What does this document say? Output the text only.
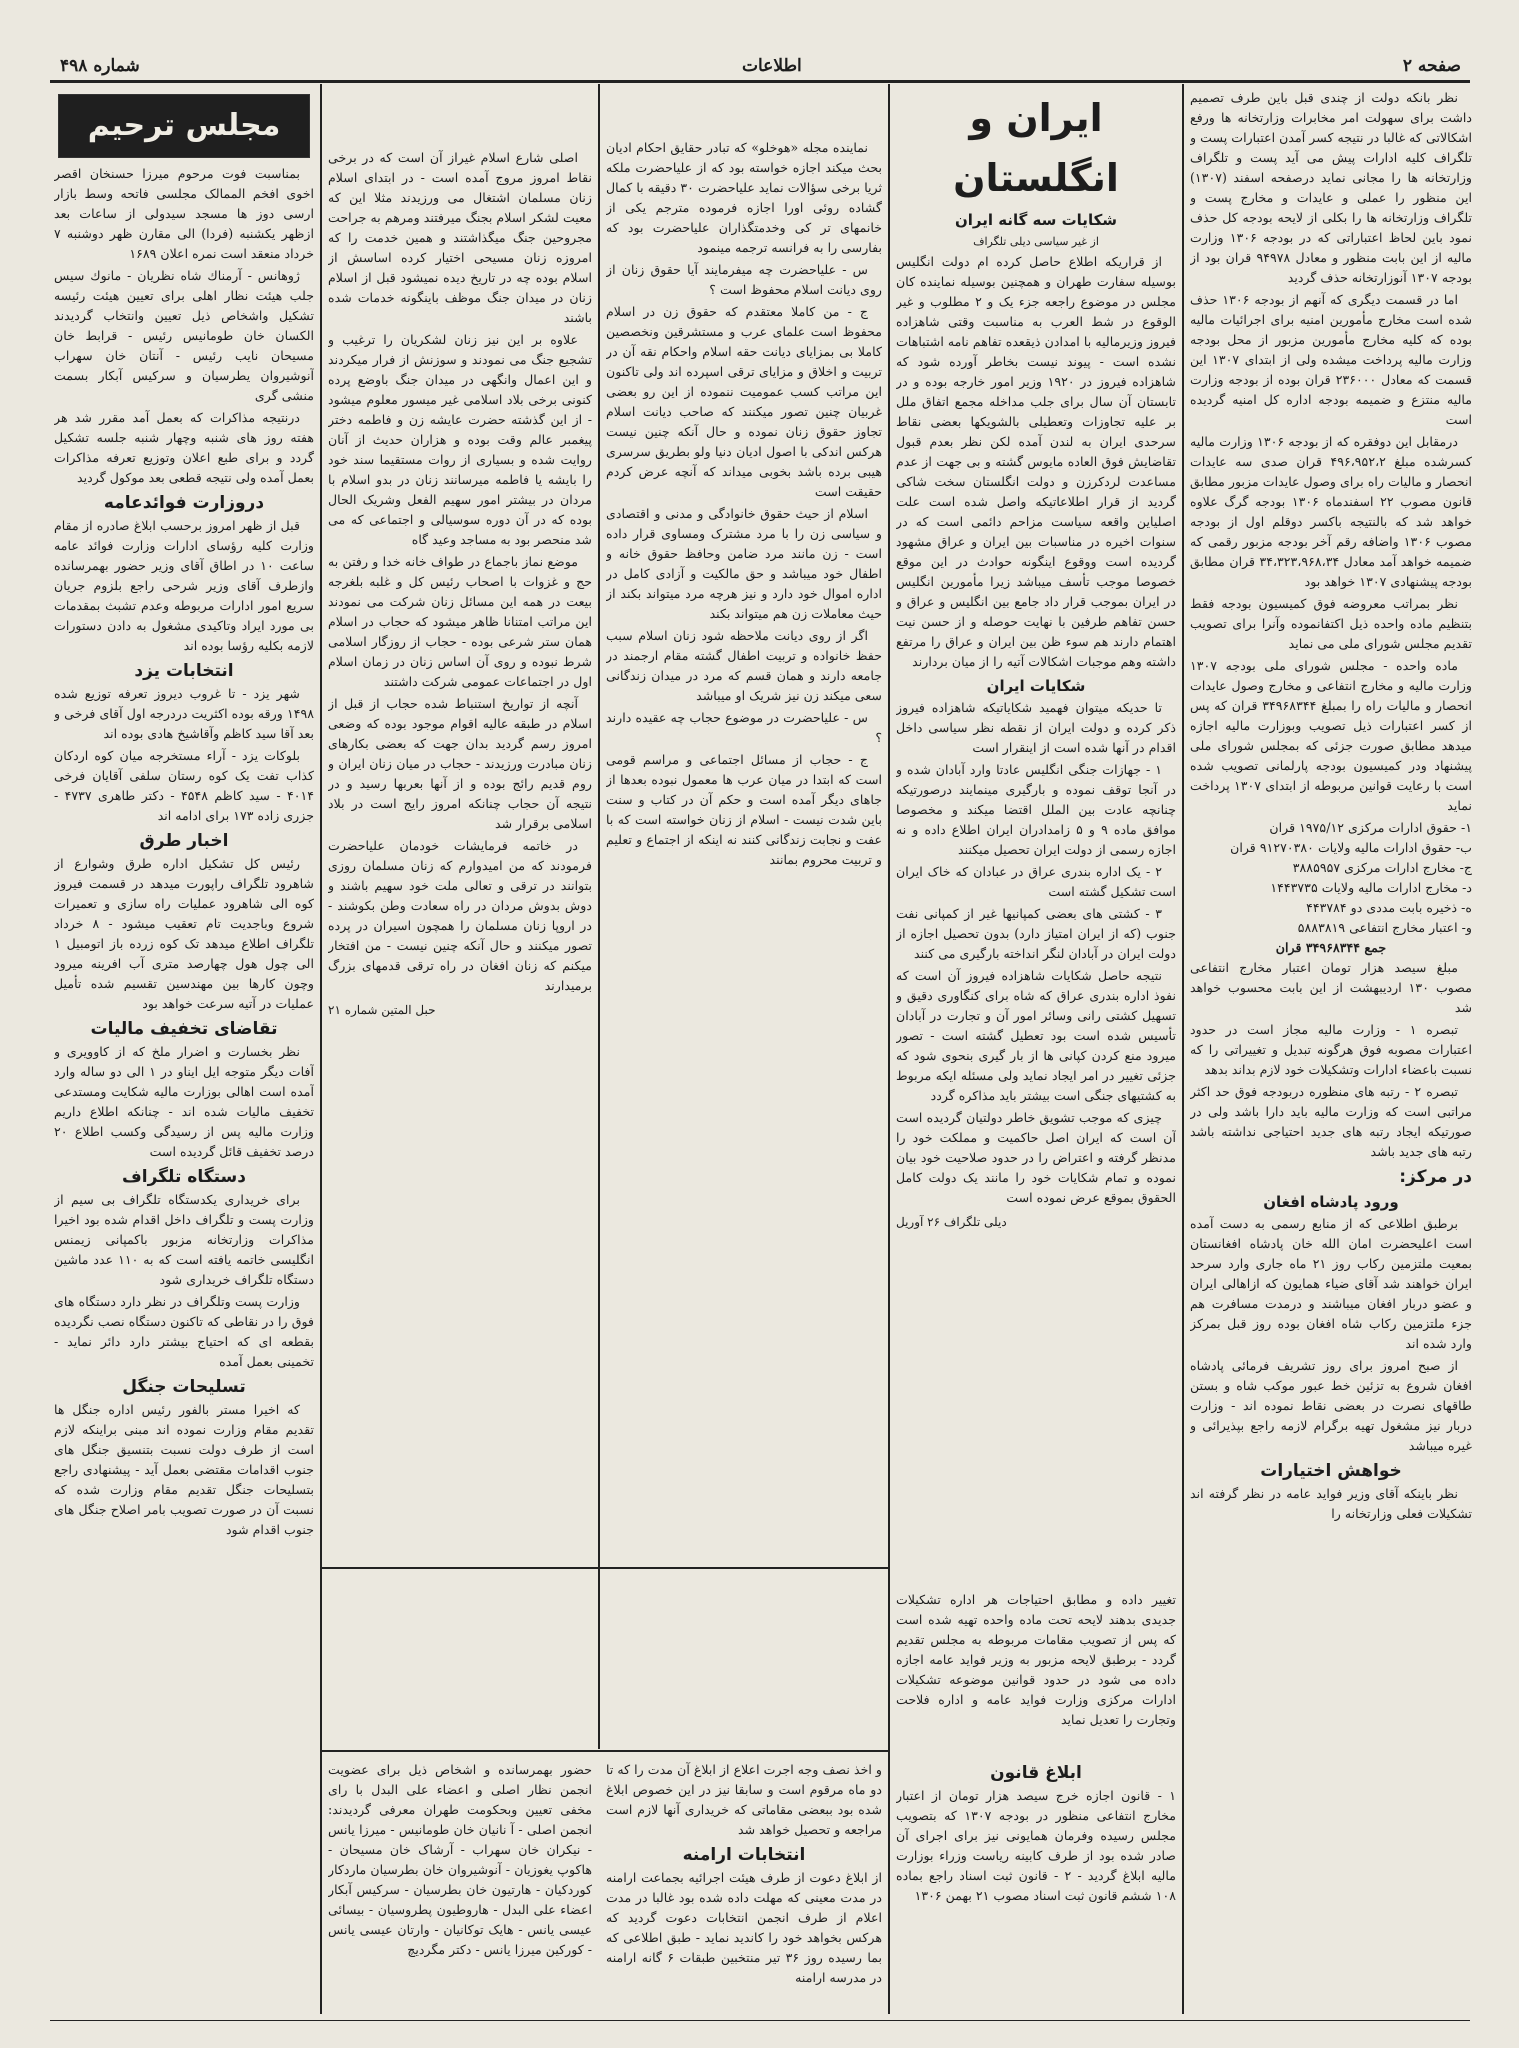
شماره ۴۹۸	اطلاعات	صفحه ۲

نظر بانکه دولت از چندی قبل باین طرف تصمیم داشت برای سهولت امر مخابرات وزارتخانه ها ورفع اشکالاتی که غالبا در نتیجه کسر آمدن اعتبارات پست و تلگراف کلیه ادارات پیش می آید پست و تلگراف وزارتخانه ها را مجانی نماید درصفحه اسفند (۱۳۰۷) این منظور را عملی و عایدات و مخارج پست و تلگراف وزارتخانه ها را بکلی از لایحه بودجه کل حذف نمود باین لحاظ اعتباراتی که در بودجه ۱۳۰۶ وزارت مالیه از این بابت منظور و معادل ۹۴۹۷۸ قران بود از بودجه ۱۳۰۷ آنوزارتخانه حذف گردید

اما در قسمت دیگری که آنهم از بودجه ۱۳۰۶ حذف شده است مخارج مأمورین امنیه برای اجرائیات مالیه بوده که کلیه مخارج مأمورین مزبور از محل بودجه وزارت مالیه پرداخت میشده ولی از ابتدای ۱۳۰۷ این قسمت که معادل ۲۳۶۰۰۰ قران بوده از بودجه وزارت مالیه منتزع و ضمیمه بودجه اداره کل امنیه گردیده است

درمقابل این دوفقره که از بودجه ۱۳۰۶ وزارت مالیه کسرشده مبلغ ۴۹۶،۹۵۲،۲ قران صدی سه عایدات انحصار و مالیات راه برای وصول عایدات مزبور مطابق قانون مصوب ۲۲ اسفندماه ۱۳۰۶ بودجه گرگ علاوه خواهد شد که بالنتیجه باکسر دوقلم اول از بودجه مصوب ۱۳۰۶ واضافه رقم آخر بودجه مزبور رقمی که ضمیمه خواهد آمد معادل ۳۴،۳۲۳،۹۶۸،۳۴ قران مطابق بودجه پیشنهادی ۱۳۰۷ خواهد بود

نظر بمراتب معروضه فوق کمیسیون بودجه فقط بتنظیم ماده واحده ذیل اکتفانموده وآنرا برای تصویب تقدیم مجلس شورای ملی می نماید

ماده واحده - مجلس شورای ملی بودجه ۱۳۰۷ وزارت مالیه و مخارج انتفاعی و مخارج وصول عایدات انحصار و مالیات راه را بمبلغ ۳۴۹۶۸۳۴۴ قران که پس از کسر اعتبارات ذیل تصویب وبوزارت مالیه اجازه میدهد مطابق صورت جزئی که بمجلس شورای ملی پیشنهاد ودر کمیسیون بودجه پارلمانی تصویب شده است با رعایت قوانین مربوطه از ابتدای ۱۳۰۷ پرداخت نماید

۱- حقوق ادارات مرکزی ۱۹۷۵/۱۲ قران
ب- حقوق ادارات مالیه ولایات ۹۱۲۷۰۳۸۰ قران
ج- مخارج ادارات مرکزی ۳۸۸۵۹۵۷
د- مخارج ادارات مالیه ولایات ۱۴۴۳۷۳۵
ه- ذخیره بابت مددی دو ۴۴۳۷۸۴
و- اعتبار مخارج انتفاعی ۵۸۸۳۸۱۹
جمع ۳۴۹۶۸۳۴۴ قران

مبلغ سیصد هزار تومان اعتبار مخارج انتفاعی مصوب ۱۳۰ اردیبهشت از این بابت محسوب خواهد شد

تبصره ۱ - وزارت مالیه مجاز است در حدود اعتبارات مصوبه فوق هرگونه تبدیل و تغییراتی را که نسبت باعضاء ادارات وتشکیلات خود لازم بداند بدهد

تبصره ۲ - رتبه های منظوره دربودجه فوق حد اکثر مراتبی است که وزارت مالیه باید دارا باشد ولی در صورتیکه ایجاد رتبه های جدید احتیاجی نداشته باشد رتبه های جدید باشد

در مرکز:
ورود پادشاه افغان

برطبق اطلاعی که از منابع رسمی به دست آمده است اعلیحضرت امان الله خان پادشاه افغانستان بمعیت ملتزمین رکاب روز ۲۱ ماه جاری وارد سرحد ایران خواهند شد آقای ضیاء همایون که ازاهالی ایران و عضو دربار افغان میباشند و درمدت مسافرت هم جزء ملتزمین رکاب شاه افغان بوده روز قبل بمرکز وارد شده اند

از صبح امروز برای روز تشریف فرمائی پادشاه افغان شروع به تزئین خط عبور موکب شاه و بستن طاقهای نصرت در بعضی نقاط نموده اند - وزارت دربار نیز مشغول تهیه برگرام لازمه راجع بپذیرائی و غیره میباشد

خواهش اختیارات

نظر باینکه آقای وزیر فواید عامه در نظر گرفته اند تشکیلات فعلی وزارتخانه را

ایران و انگلستان
شکایات سه گانه ایران
از غیر سیاسی دیلی تلگراف

از قراریکه اطلاع حاصل کرده ام دولت انگلیس بوسیله سفارت طهران و همچنین بوسیله نماینده کان مجلس در موضوع راجعه جزء یک و ۲ مطلوب و غیر الوقوع در شط العرب به مناسبت وقتی شاهزاده فیروز وزیرمالیه با امدادن ذیقعده تفاهم نامه اشتباهات نشده است - پیوند نیست بخاطر آورده شود که شاهزاده فیروز در ۱۹۲۰ وزیر امور خارجه بوده و در تابستان آن سال برای جلب مداخله مجمع اتفاق ملل بر علیه تجاوزات وتعطیلی بالشویکها بعضی نقاط سرحدی ایران به لندن آمده لکن نظر بعدم قبول تقاضایش فوق العاده مایوس گشته و بی جهت از عدم مساعدت لردکرزن و دولت انگلستان سخت شاکی گردید از قرار اطلاعاتیکه واصل شده است علت اصلیاین واقعه سیاست مزاحم دائمی است که در سنوات اخیره در مناسبات بین ایران و عراق مشهود گردیده است ووقوع اینگونه حوادث در این موقع خصوصا موجب تأسف میباشد زیرا مأمورین انگلیس در ایران بموجب قرار داد جامع بین انگلیس و عراق و حسن تفاهم طرفین با نهایت حوصله و از حسن نیت اهتمام دارند هم سوء ظن بین ایران و عراق را مرتفع داشته وهم موجبات اشکالات آتیه را از میان بردارند

شکایات ایران

تا حدیکه میتوان فهمید شکایاتیکه شاهزاده فیروز ذکر کرده و دولت ایران از نقطه نظر سیاسی داخل اقدام در آنها شده است از اینقرار است

۱ - جهازات جنگی انگلیس عادتا وارد آبادان شده و در آنجا توقف نموده و بارگیری مینمایند درصورتیکه چنانچه عادت بین الملل اقتضا میکند و مخصوصا موافق ماده ۹ و ۵ زامدادران ایران اطلاع داده و نه اجازه رسمی از دولت ایران تحصیل میکنند

۲ - یک اداره بندری عراق در عبادان که خاک ایران است تشکیل گشته است

۳ - کشتی های بعضی کمپانیها غیر از کمپانی نفت جنوب (که از ایران امتیاز دارد) بدون تحصیل اجازه از دولت ایران در آبادان لنگر انداخته بارگیری می کنند

نتیجه حاصل شکایات شاهزاده فیروز آن است که نفوذ اداره بندری عراق که شاه برای کنگاوری دقیق و تسهیل کشتی رانی وسائر امور آن و تجارت در آبادان تأسیس شده است بود تعطیل گشته است - تصور میرود منع کردن کپانی ها از بار گیری بنحوی شود که جزئی تغییر در امر ایجاد نماید ولی مسئله ایکه مربوط به کشتیهای جنگی است بیشتر باید مذاکره گردد

چیزی که موجب تشویق خاطر دولتیان گردیده است آن است که ایران اصل حاکمیت و مملکت خود را مدنظر گرفته و اعتراض را در حدود صلاحیت خود بیان نموده و تمام شکایات خود را مانند یک دولت کامل الحقوق بموقع عرض نموده است

دیلی تلگراف ۲۶ آوریل

نماینده مجله «هوخلو» که تبادر حقایق احکام ادیان بحث میکند اجازه خواسته بود که از علیاحضرت ملکه ثریا برخی سؤالات نماید علیاحضرت ۳۰ دقیقه با کمال گشاده روئی اورا اجازه فرموده مترجم یکی از خانمهای تر کی وخدمتگذاران علیاحضرت بود که بفارسی را به فرانسه ترجمه مینمود

س - علیاحضرت چه میفرمایند آیا حقوق زنان از روی دیانت اسلام محفوظ است ؟

ج - من کاملا معتقدم که حقوق زن در اسلام محفوظ است علمای عرب و مستشرقین ونخصصین کاملا بی بمزایای دیانت حقه اسلام واحکام نقه آن در تربیت و اخلاق و مزایای ترقی اسپرده اند ولی تاکنون این مراتب کسب عمومیت ننموده از این رو بعضی غربیان چنین تصور میکنند که صاحب دیانت اسلام تجاوز حقوق زنان نموده و حال آنکه چنین نیست هرکس اندکی با اصول ادیان دنیا ولو بطریق سرسری هیبی برده باشد بخوبی میداند که آنچه عرض کردم حقیقت است

اسلام از حیث حقوق خانوادگی و مدنی و اقتصادی و سیاسی زن را با مرد مشترک ومساوی قرار داده است - زن مانند مرد ضامن وحافظ حقوق خانه و اطفال خود میباشد و حق مالکیت و آزادی کامل در اداره اموال خود دارد و نیز هرچه مرد میتواند بکند از حیث معاملات زن هم میتواند بکند

اگر از روی دیانت ملاحظه شود زنان اسلام سبب حفظ خانواده و تربیت اطفال گشته مقام ارجمند در جامعه دارند و همان قسم که مرد در میدان زندگانی سعی میکند زن نیز شریک او میباشد

س - علیاحضرت در موضوع حجاب چه عقیده دارند ؟

ج - حجاب از مسائل اجتماعی و مراسم قومی است که ابتدا در میان عرب ها معمول نبوده بعدها از جاهای دیگر آمده است و حکم آن در کتاب و سنت باین شدت نیست - اسلام از زنان خواسته است که با عفت و نجابت زندگانی کنند نه اینکه از اجتماع و تعلیم و تربیت محروم بمانند

اصلی شارع اسلام غیراز آن است که در برخی نقاط امروز مروج آمده است - در ابتدای اسلام زنان مسلمان اشتغال می ورزیدند مثلا این که معیت لشکر اسلام بجنگ میرفتند ومرهم به جراحت مجروحین جنگ میگذاشتند و همین خدمت را که امروزه زنان مسیحی اختیار کرده اساسش از اسلام بوده چه در تاریخ دیده نمیشود قبل از اسلام زنان در میدان جنگ موظف باینگونه خدمات شده باشند

علاوه بر این نیز زنان لشکریان را ترغیب و تشجیع جنگ می نمودند و سوزنش از فرار میکردند و این اعمال وانگهی در میدان جنگ باوضع پرده کنونی برخی بلاد اسلامی غیر میسور معلوم میشود - از این گذشته حضرت عایشه زن و فاطمه دختر پیغمبر عالم وقت بوده و هزاران حدیث از آنان روایت شده و بسیاری از روات مستقیما سند خود را بایشه یا فاطمه میرسانند زنان در بدو اسلام با مردان در بیشتر امور سهیم الفعل وشریک الحال بوده که در آن دوره سوسیالی و اجتماعی که می شد منحصر بود به مساجد وعید گاه

موضع نماز باجماع در طواف خانه خدا و رفتن به حج و غزوات با اصحاب رئیس کل و غلبه بلغرجه بیعت در همه این مسائل زنان شرکت می نمودند این مراتب امتنانا ظاهر میشود که حجاب در اسلام همان ستر شرعی بوده - حجاب از روزگار اسلامی شرط نبوده و روی آن اساس زنان در زمان اسلام اول در اجتماعات عمومی شرکت داشتند

آنچه از تواریخ استنباط شده حجاب از قبل از اسلام در طبقه عالیه اقوام موجود بوده که وضعی امروز رسم گردید بدان جهت که بعضی بکارهای زنان مبادرت ورزیدند - حجاب در میان زنان ایران و روم قدیم رائج بوده و از آنها بعربها رسید و در نتیجه آن حجاب چنانکه امروز رایج است در بلاد اسلامی برقرار شد

در خاتمه فرمایشات خودمان علیاحضرت فرمودند که من امیدوارم که زنان مسلمان روزی بتوانند در ترقی و تعالی ملت خود سهیم باشند و دوش بدوش مردان در راه سعادت وطن بکوشند - در اروپا زنان مسلمان را همچون اسیران در پرده تصور میکنند و حال آنکه چنین نیست - من افتخار میکنم که زنان افغان در راه ترقی قدمهای بزرگ برمیدارند

حبل المتین شماره ۲۱
مجلس ترحیم

بمناسبت فوت مرحوم میرزا حسنخان اقصر اخوی افخم الممالک مجلسی فاتحه وسط بازار ارسی دوز ها مسجد سیدولی از ساعات بعد ازظهر یکشنبه (فردا) الی مقارن ظهر دوشنبه ۷ خرداد منعقد است نمره اعلان ۱۶۸۹

ژوهانس - آرمناك شاه نظریان - مانوك سیس جلب هیئت نظار اهلی برای تعیین هیئت رئیسه تشکیل واشخاص ذیل تعیین وانتخاب گردیدند الکسان خان طومانیس رئیس - قرابط خان مسیحان نایب رئیس - آنتان خان سهراب آنوشیروان یطرسیان و سرکیس آبکار بسمت منشی گری

درنتیجه مذاکرات که بعمل آمد مقرر شد هر هفته روز های شنبه وچهار شنبه جلسه تشکیل گردد و برای طبع اعلان وتوزیع تعرفه مذاکرات بعمل آمده ولی نتیجه قطعی بعد موکول گردید

دروزارت فوائدعامه

قبل از ظهر امروز برحسب ابلاغ صادره از مقام وزارت کلیه رؤسای ادارات وزارت فوائد عامه ساعت ۱۰ در اطاق آقای وزیر حضور بهمرسانده وازطرف آقای وزیر شرحی راجع بلزوم جریان سریع امور ادارات مربوطه وعدم تشبث بمقدمات بی مورد ایراد وتاکیدی مشغول به دادن دستورات لازمه بکلیه رؤسا بوده اند

انتخابات یزد

شهر یزد - تا غروب دیروز تعرفه توزیع شده ۱۴۹۸ ورقه بوده اکثریت دردرجه اول آقای فرخی و بعد آقا سید کاظم وآقاشیخ هادی بوده اند

بلوکات یزد - آراء مستخرجه میان کوه اردکان کذاب تفت یک کوه رستان سلفی آقایان فرخی ۴۰۱۴ - سید کاظم ۴۵۴۸ - دکتر طاهری ۴۷۳۷ - جزری زاده ۱۷۳ برای ادامه اند

اخبار طرق

رئیس کل تشکیل اداره طرق وشوارع از شاهرود تلگراف راپورت میدهد در قسمت فیروز کوه الی شاهرود عملیات راه سازی و تعمیرات شروع وباجدیت تام تعقیب میشود - ۸ خرداد تلگراف اطلاع میدهد تک کوه زرده باز اتومبیل ۱ الی چول هول چهارصد متری آب افرینه میرود وچون کارها بین مهندسین تقسیم شده تأمیل عملیات در آتیه سرعت خواهد بود

تقاضای تخفیف مالیات

نظر بخسارت و اضرار ملخ که از کاوویری و آفات دیگر متوجه ایل ایناو در ۱ الی دو ساله وارد آمده است اهالی بوزارت مالیه شکایت ومستدعی تخفیف مالیات شده اند - چنانکه اطلاع داریم وزارت مالیه پس از رسیدگی وکسب اطلاع ۲۰ درصد تخفیف قائل گردیده است

دستگاه تلگراف

برای خریداری یکدستگاه تلگراف بی سیم از وزارت پست و تلگراف داخل اقدام شده بود اخیرا مذاکرات وزارتخانه مزبور باکمپانی زیمنس انگلیسی خاتمه یافته است که به ۱۱۰ عدد ماشین دستگاه تلگراف خریداری شود

وزارت پست وتلگراف در نظر دارد دستگاه های فوق را در نقاطی که تاکنون دستگاه نصب نگردیده بقطعه ای که احتیاج بیشتر دارد دائر نماید - تخمینی بعمل آمده

تسلیحات جنگل

که اخیرا مستر بالفور رئیس اداره جنگل ها تقدیم مقام وزارت نموده اند مبنی براینکه لازم است از طرف دولت نسبت بتنسیق جنگل های جنوب اقدامات مقتضی بعمل آید - پیشنهادی راجع بتسلیحات جنگل تقدیم مقام وزارت شده که نسبت آن در صورت تصویب بامر اصلاح جنگل های جنوب اقدام شود

تغییر داده و مطابق احتیاجات هر اداره تشکیلات جدیدی بدهند لایحه تحت ماده واحده تهیه شده است که پس از تصویب مقامات مربوطه به مجلس تقدیم گردد - برطبق لایحه مزبور به وزیر فواید عامه اجازه داده می شود در حدود قوانین موضوعه تشکیلات ادارات مرکزی وزارت فواید عامه و اداره فلاحت وتجارت را تعدیل نماید

ابلاغ قانون

۱ - قانون اجازه خرج سیصد هزار تومان از اعتبار مخارج انتفاعی منظور در بودجه ۱۳۰۷ که بتصویب مجلس رسیده وفرمان همایونی نیز برای اجرای آن صادر شده بود از طرف کابینه ریاست وزراء بوزارت مالیه ابلاغ گردید - ۲ - قانون ثبت اسناد راجع بماده ۱۰۸ ششم قانون ثبت اسناد مصوب ۲۱ بهمن ۱۳۰۶

و اخذ نصف وجه اجرت اعلاع از ابلاغ آن مدت را که تا دو ماه مرقوم است و سابقا نیز در این خصوص ابلاغ شده بود ببعضی مقاماتی که خریداری آنها لازم است مراجعه و تحصیل خواهد شد

انتخابات ارامنه

از ابلاغ دعوت از طرف هیئت اجرائیه بجماعت ارامنه در مدت معینی که مهلت داده شده بود غالبا در مدت اعلام از طرف انجمن انتخابات دعوت گردید که هرکس بخواهد خود را کاندید نماید - طبق اطلاعی که بما رسیده روز ۳۶ تیر منتخبین طبقات ۶ گانه ارامنه در مدرسه ارامنه

حضور بهمرسانده و اشخاص ذیل برای عضویت انجمن نظار اصلی و اعضاء علی البدل با رای مخفی تعیین وبحکومت طهران معرفی گردیدند: انجمن اصلی - آ نانیان خان طومانیس - میرزا یانس - نیکران خان سهراب - آرشاک خان مسیحان - هاکوپ یغوزیان - آنوشیروان خان بطرسیان ماردکار کوردکیان - هارتیون خان بطرسیان - سرکیس آبکار اعضاء علی البدل - هاروطیون پطروسیان - بیسائی عیسی یانس - هایک توکانیان - وارتان عیسی یانس - کورکین میرزا یانس - دکتر مگردیچ
